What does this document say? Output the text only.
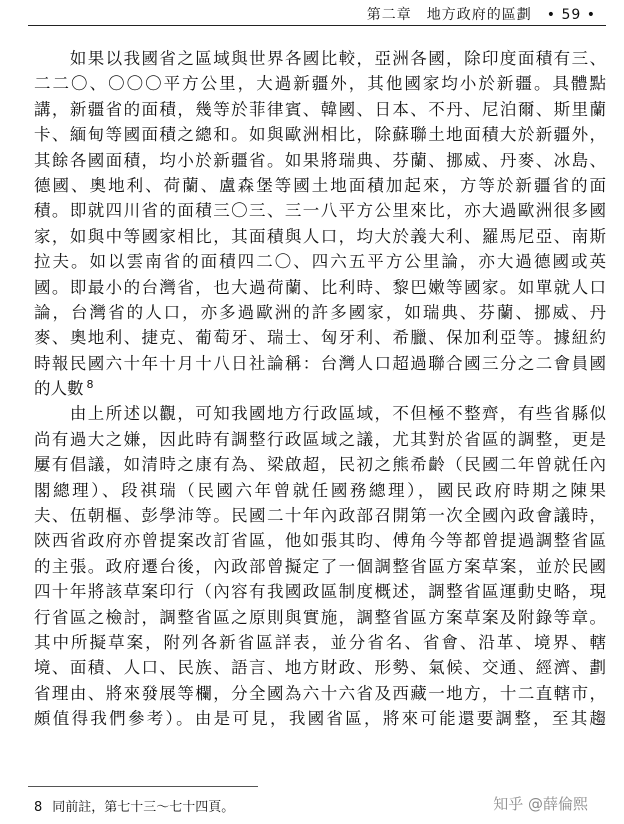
第二章　地方政府的區劃　• 59 •
　　如果以我國省之區域與世界各國比較，亞洲各國，除印度面積有三、
二二〇、〇〇〇平方公里，大過新疆外，其他國家均小於新疆。具體點
講，新疆省的面積，幾等於菲律賓、韓國、日本、不丹、尼泊爾、斯里蘭
卡、緬甸等國面積之總和。如與歐洲相比，除蘇聯土地面積大於新疆外，
其餘各國面積，均小於新疆省。如果將瑞典、芬蘭、挪威、丹麥、冰島、
德國、奧地利、荷蘭、盧森堡等國土地面積加起來，方等於新疆省的面
積。即就四川省的面積三〇三、三一八平方公里來比，亦大過歐洲很多國
家，如與中等國家相比，其面積與人口，均大於義大利、羅馬尼亞、南斯
拉夫。如以雲南省的面積四二〇、四六五平方公里論，亦大過德國或英
國。即最小的台灣省，也大過荷蘭、比利時、黎巴嫩等國家。如單就人口
論，台灣省的人口，亦多過歐洲的許多國家，如瑞典、芬蘭、挪威、丹
麥、奧地利、捷克、葡萄牙、瑞士、匈牙利、希臘、保加利亞等。據紐約
時報民國六十年十月十八日社論稱：台灣人口超過聯合國三分之二會員國
的人數 $^8$
　　由上所述以觀，可知我國地方行政區域，不但極不整齊，有些省縣似
尚有過大之嫌，因此時有調整行政區域之議，尤其對於省區的調整，更是
屢有倡議，如清時之康有為、梁啟超，民初之熊希齡（民國二年曾就任內
閣總理）、段祺瑞（民國六年曾就任國務總理），國民政府時期之陳果
夫、伍朝樞、彭學沛等。民國二十年內政部召開第一次全國內政會議時，
陝西省政府亦曾提案改訂省區，他如張其昀、傅角今等都曾提過調整省區
的主張。政府遷台後，內政部曾擬定了一個調整省區方案草案，並於民國
四十年將該草案印行（內容有我國政區制度概述，調整省區運動史略，現
行省區之檢討，調整省區之原則與實施，調整省區方案草案及附錄等章。
其中所擬草案，附列各新省區詳表，並分省名、省會、沿革、境界、轄
境、面積、人口、民族、語言、地方財政、形勢、氣候、交通、經濟、劃
省理由、將來發展等欄，分全國為六十六省及西藏一地方，十二直轄市，
頗值得我們參考）。由是可見，我國省區，將來可能還要調整，至其趨
8 同前註，第七十三～七十四頁。	知乎 @薛倫熙
